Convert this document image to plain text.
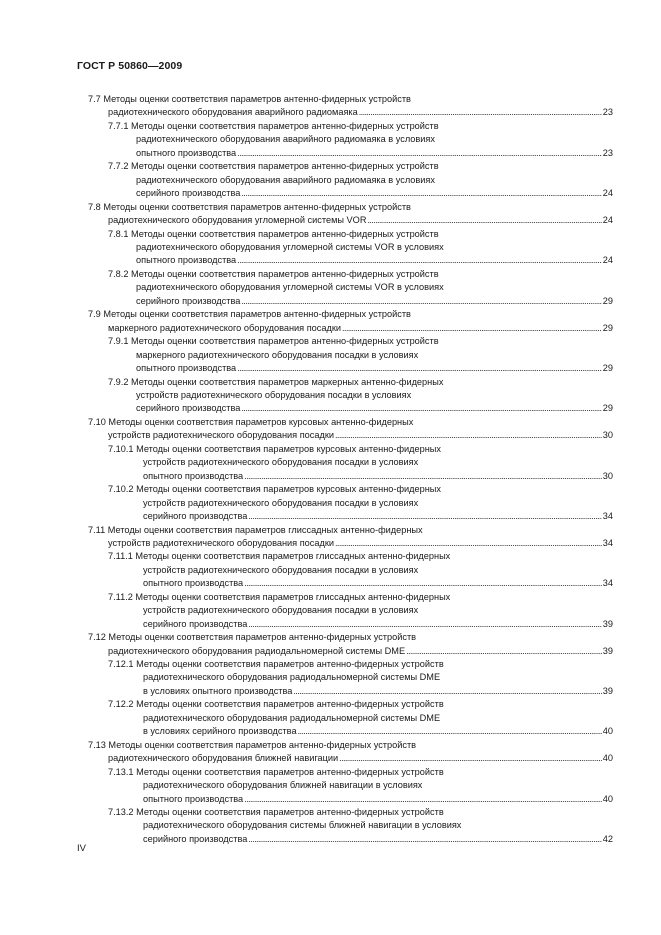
ГОСТ Р 50860—2009
7.7 Методы оценки соответствия параметров антенно-фидерных устройств
радиотехнического оборудования аварийного радиомаяка . . .	23
7.7.1 Методы оценки соответствия параметров антенно-фидерных устройств
радиотехнического оборудования аварийного радиомаяка в условиях
опытного производства . . .	23
7.7.2 Методы оценки соответствия параметров антенно-фидерных устройств
радиотехнического оборудования аварийного радиомаяка в условиях
серийного производства . . .	24
7.8 Методы оценки соответствия параметров антенно-фидерных устройств
радиотехнического оборудования угломерной системы VOR . . .	24
7.8.1 Методы оценки соответствия параметров антенно-фидерных устройств
радиотехнического оборудования угломерной системы VOR в условиях
опытного производства . . .	24
7.8.2 Методы оценки соответствия параметров антенно-фидерных устройств
радиотехнического оборудования угломерной системы VOR в условиях
серийного производства . . .	29
7.9 Методы оценки соответствия параметров антенно-фидерных устройств
маркерного радиотехнического оборудования посадки . . .	29
7.9.1 Методы оценки соответствия параметров антенно-фидерных устройств
маркерного радиотехнического оборудования посадки в условиях
опытного производства . . .	29
7.9.2 Методы оценки соответствия параметров маркерных антенно-фидерных
устройств радиотехнического оборудования посадки в условиях
серийного производства . . .	29
7.10 Методы оценки соответствия параметров курсовых антенно-фидерных
устройств радиотехнического оборудования посадки . . .	30
7.10.1 Методы оценки соответствия параметров курсовых антенно-фидерных
устройств радиотехнического оборудования посадки в условиях
опытного производства . . .	30
7.10.2 Методы оценки соответствия параметров курсовых антенно-фидерных
устройств радиотехнического оборудования посадки в условиях
серийного производства . . .	34
7.11 Методы оценки соответствия параметров глиссадных антенно-фидерных
устройств радиотехнического оборудования посадки . . .	34
7.11.1 Методы оценки соответствия параметров глиссадных антенно-фидерных
устройств радиотехнического оборудования посадки в условиях
опытного производства . . .	34
7.11.2 Методы оценки соответствия параметров глиссадных антенно-фидерных
устройств радиотехнического оборудования посадки в условиях
серийного производства . . .	39
7.12 Методы оценки соответствия параметров антенно-фидерных устройств
радиотехнического оборудования радиодальномерной системы DME . . .	39
7.12.1 Методы оценки соответствия параметров антенно-фидерных устройств
радиотехнического оборудования радиодальномерной системы DME
в условиях опытного производства . . .	39
7.12.2 Методы оценки соответствия параметров антенно-фидерных устройств
радиотехнического оборудования радиодальномерной системы DME
в условиях серийного производства . . .	40
7.13 Методы оценки соответствия параметров антенно-фидерных устройств
радиотехнического оборудования ближней навигации . . .	40
7.13.1 Методы оценки соответствия параметров антенно-фидерных устройств
радиотехнического оборудования ближней навигации в условиях
опытного производства . . .	40
7.13.2 Методы оценки соответствия параметров антенно-фидерных устройств
радиотехнического оборудования системы ближней навигации в условиях
серийного производства . . .	42
IV
